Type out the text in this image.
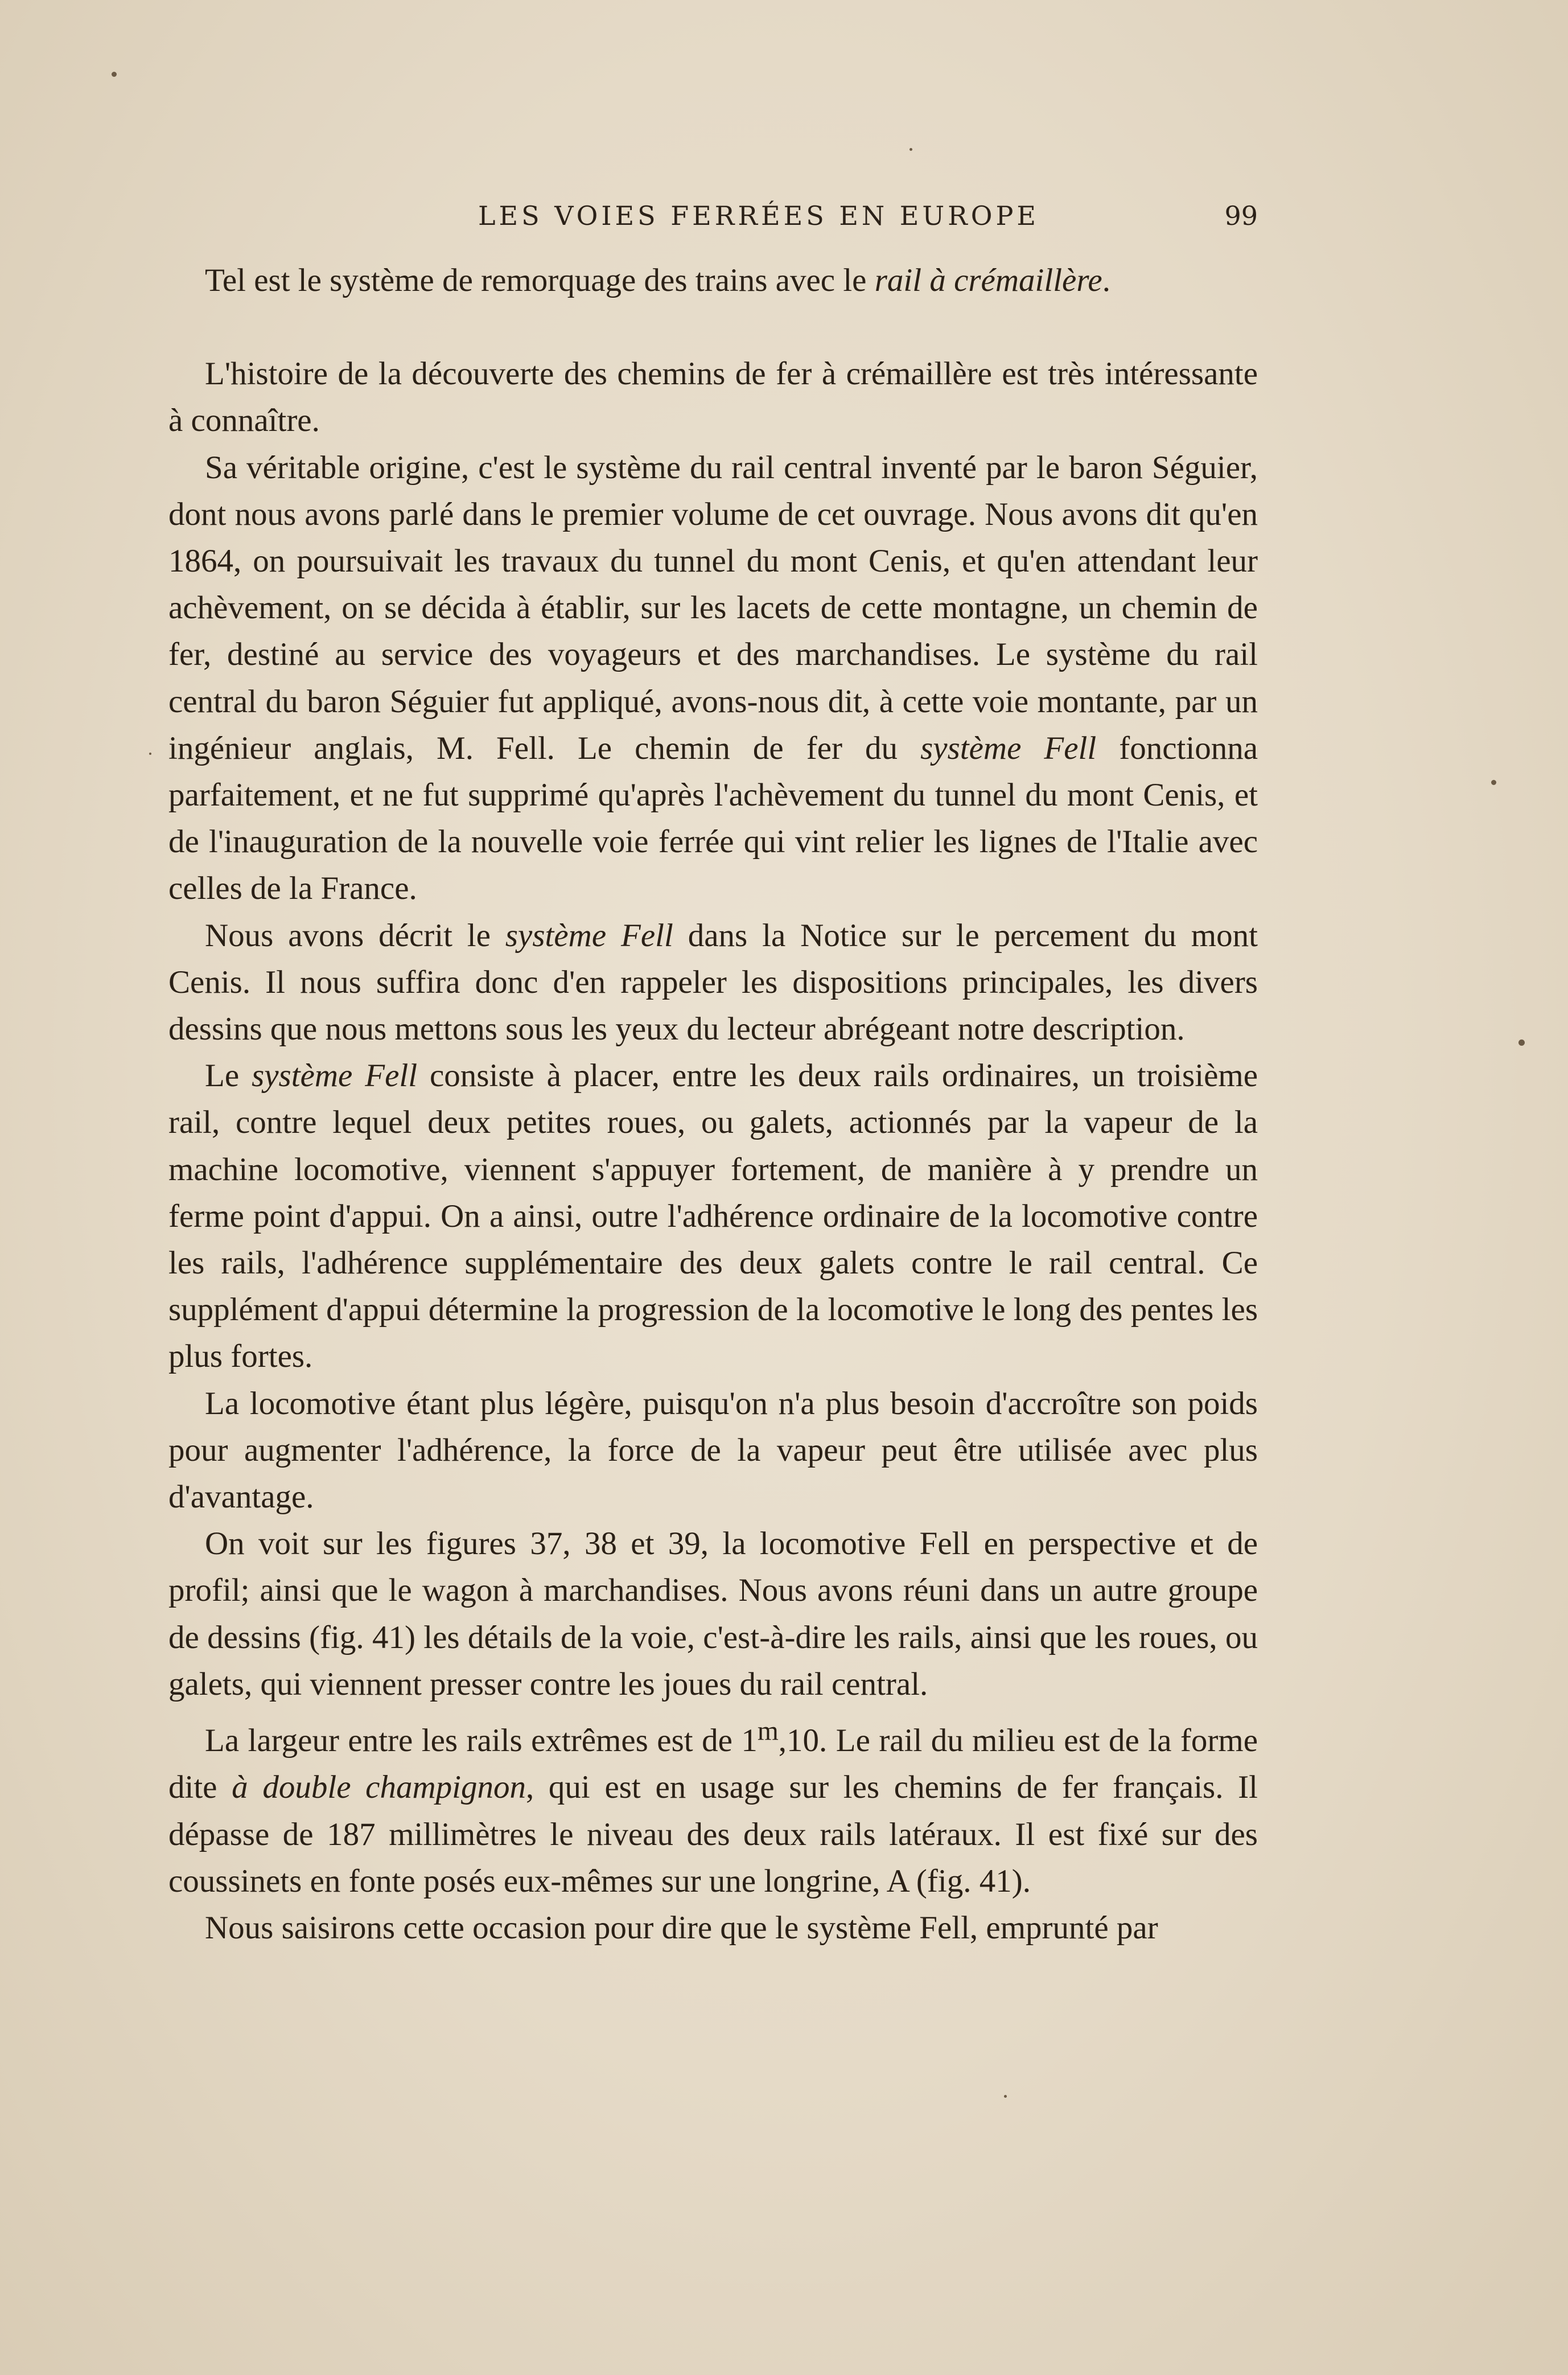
LES VOIES FERRÉES EN EUROPE	99

Tel est le système de remorquage des trains avec le rail à crémaillère.

L'histoire de la découverte des chemins de fer à crémaillère est très intéressante à connaître.

Sa véritable origine, c'est le système du rail central inventé par le baron Séguier, dont nous avons parlé dans le premier volume de cet ouvrage. Nous avons dit qu'en 1864, on poursuivait les travaux du tunnel du mont Cenis, et qu'en attendant leur achèvement, on se décida à établir, sur les lacets de cette montagne, un chemin de fer, destiné au service des voyageurs et des marchandises. Le système du rail central du baron Séguier fut appliqué, avons-nous dit, à cette voie montante, par un ingénieur anglais, M. Fell. Le chemin de fer du système Fell fonctionna parfaitement, et ne fut supprimé qu'après l'achèvement du tunnel du mont Cenis, et de l'inauguration de la nouvelle voie ferrée qui vint relier les lignes de l'Italie avec celles de la France.

Nous avons décrit le système Fell dans la Notice sur le percement du mont Cenis. Il nous suffira donc d'en rappeler les dispositions principales, les divers dessins que nous mettons sous les yeux du lecteur abrégeant notre description.

Le système Fell consiste à placer, entre les deux rails ordinaires, un troisième rail, contre lequel deux petites roues, ou galets, actionnés par la vapeur de la machine locomotive, viennent s'appuyer fortement, de manière à y prendre un ferme point d'appui. On a ainsi, outre l'adhérence ordinaire de la locomotive contre les rails, l'adhérence supplémentaire des deux galets contre le rail central. Ce supplément d'appui détermine la progression de la locomotive le long des pentes les plus fortes.

La locomotive étant plus légère, puisqu'on n'a plus besoin d'accroître son poids pour augmenter l'adhérence, la force de la vapeur peut être utilisée avec plus d'avantage.

On voit sur les figures 37, 38 et 39, la locomotive Fell en perspective et de profil; ainsi que le wagon à marchandises. Nous avons réuni dans un autre groupe de dessins (fig. 41) les détails de la voie, c'est-à-dire les rails, ainsi que les roues, ou galets, qui viennent presser contre les joues du rail central.

La largeur entre les rails extrêmes est de 1$^m$,10. Le rail du milieu est de la forme dite à double champignon, qui est en usage sur les chemins de fer français. Il dépasse de 187 millimètres le niveau des deux rails latéraux. Il est fixé sur des coussinets en fonte posés eux-mêmes sur une longrine, A (fig. 41).

Nous saisirons cette occasion pour dire que le système Fell, emprunté par
